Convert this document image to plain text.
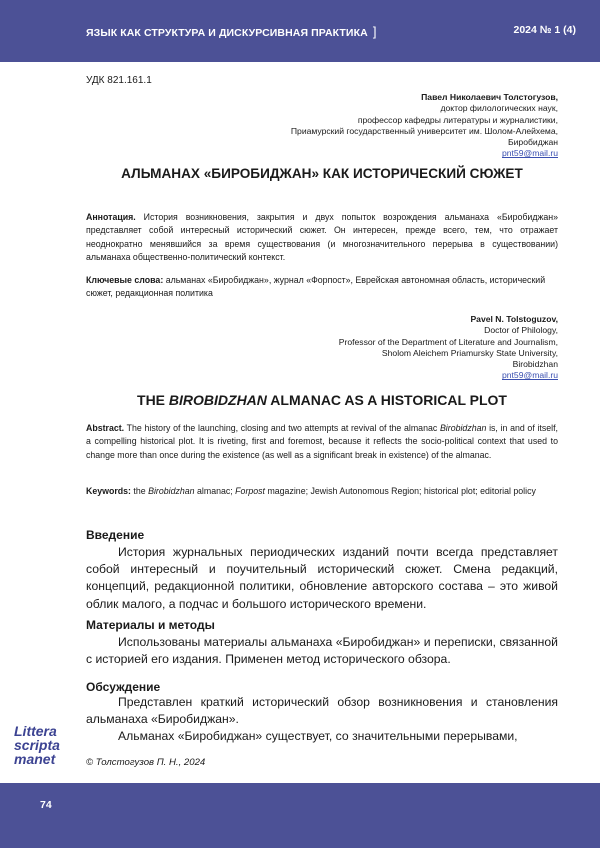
ЯЗЫК КАК СТРУКТУРА И ДИСКУРСИВНАЯ ПРАКТИКА ]	2024 № 1 (4)
УДК 821.161.1
Павел Николаевич Толстогузов,
доктор филологических наук,
профессор кафедры литературы и журналистики,
Приамурский государственный университет им. Шолом-Алейхема,
Биробиджан
pnt59@mail.ru
АЛЬМАНАХ «БИРОБИДЖАН» КАК ИСТОРИЧЕСКИЙ СЮЖЕТ
Аннотация. История возникновения, закрытия и двух попыток возрождения альманаха «Биробиджан» представляет собой интересный исторический сюжет. Он интересен, прежде всего, тем, что отражает неоднократно менявшийся за время существования (и многозначительного перерыва в существовании) альманаха общественно-политический контекст.
Ключевые слова: альманах «Биробиджан», журнал «Форпост», Еврейская автономная область, исторический сюжет, редакционная политика
Pavel N. Tolstoguzov,
Doctor of Philology,
Professor of the Department of Literature and Journalism,
Sholom Aleichem Priamursky State University,
Birobidzhan
pnt59@mail.ru
THE BIROBIDZHAN ALMANAC AS A HISTORICAL PLOT
Abstract. The history of the launching, closing and two attempts at revival of the almanac Birobidzhan is, in and of itself, a compelling historical plot. It is riveting, first and foremost, because it reflects the socio-political context that used to change more than once during the existence (as well as a significant break in existence) of the almanac.
Keywords: the Birobidzhan almanac; Forpost magazine; Jewish Autonomous Region; historical plot; editorial policy
Введение
История журнальных периодических изданий почти всегда представляет собой интересный и поучительный исторический сюжет. Смена редакций, концепций, редакционной политики, обновление авторского состава – это живой облик малого, а подчас и большого исторического времени.
Материалы и методы
Использованы материалы альманаха «Биробиджан» и переписки, связанной с историей его издания. Применен метод исторического обзора.
Обсуждение
Представлен краткий исторический обзор возникновения и становления альманаха «Биробиджан».
Альманах «Биробиджан» существует, со значительными перерывами,
Littera
scripta
manet	© Толстогузов П. Н., 2024
74
